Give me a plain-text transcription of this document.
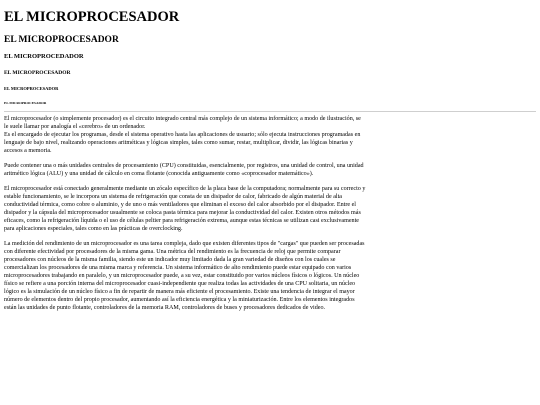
EL MICROPROCESADOR
EL MICROPROCESADOR
EL MICROPROCEDADOR
EL MICROPROCESADOR
EL MICROPROCESADOR
EL MICROPROCESADOR

El microprocesador (o simplemente procesador) es el circuito integrado central más complejo de un sistema informático; a modo de ilustración, se le suele llamar por analogía el «cerebro» de un ordenador.
Es el encargado de ejecutar los programas, desde el sistema operativo hasta las aplicaciones de usuario; sólo ejecuta instrucciones programadas en lenguaje de bajo nivel, realizando operaciones aritméticas y lógicas simples, tales como sumar, restar, multiplicar, dividir, las lógicas binarias y accesos a memoria.

Puede contener una o más unidades centrales de procesamiento (CPU) constituidas, esencialmente, por registros, una unidad de control, una unidad aritmético lógica (ALU) y una unidad de cálculo en coma flotante (conocida antiguamente como «coprocesador matemático»).

El microprocesador está conectado generalmente mediante un zócalo específico de la placa base de la computadora; normalmente para su correcto y estable funcionamiento, se le incorpora un sistema de refrigeración que consta de un disipador de calor, fabricado de algún material de alta conductividad térmica, como cobre o aluminio, y de uno o más ventiladores que eliminan el exceso del calor absorbido por el disipador. Entre el disipador y la cápsula del microprocesador usualmente se coloca pasta térmica para mejorar la conductividad del calor. Existen otros métodos más eficaces, como la refrigeración líquida o el uso de células peltier para refrigeración extrema, aunque estas técnicas se utilizan casi exclusivamente para aplicaciones especiales, tales como en las prácticas de overclocking.

La medición del rendimiento de un microprocesador es una tarea compleja, dado que existen diferentes tipos de "cargas" que pueden ser procesadas con diferente efectividad por procesadores de la misma gama. Una métrica del rendimiento es la frecuencia de reloj que permite comparar procesadores con núcleos de la misma familia, siendo este un indicador muy limitado dada la gran variedad de diseños con los cuales se comercializan los procesadores de una misma marca y referencia. Un sistema informático de alto rendimiento puede estar equipado con varios microprocesadores trabajando en paralelo, y un microprocesador puede, a su vez, estar constituido por varios núcleos físicos o lógicos. Un núcleo físico se refiere a una porción interna del microprocesador cuasi-independiente que realiza todas las actividades de una CPU solitaria, un núcleo lógico es la simulación de un núcleo físico a fin de repartir de manera más eficiente el procesamiento. Existe una tendencia de integrar el mayor número de elementos dentro del propio procesador, aumentando así la eficiencia energética y la miniaturización. Entre los elementos integrados están las unidades de punto flotante, controladores de la memoria RAM, controladores de buses y procesadores dedicados de video.
